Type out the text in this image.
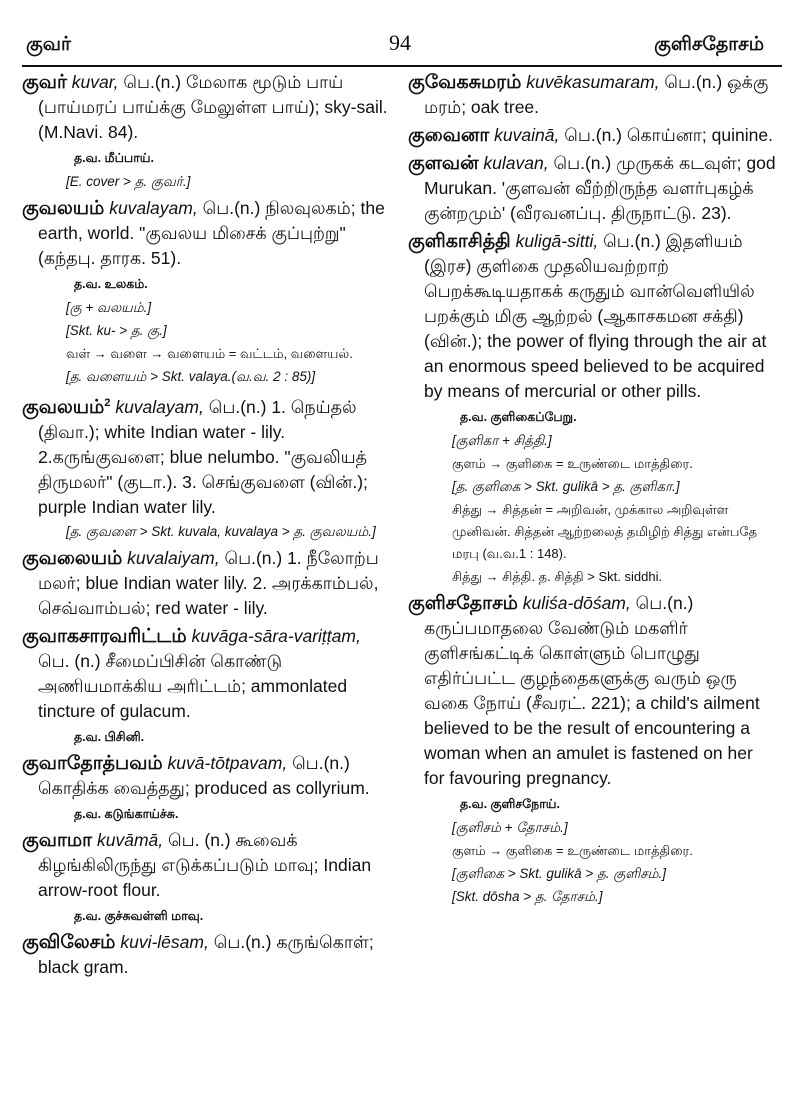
குவர்	94	குளிசதோசம்
குவர் kuvar, பெ.(n.) மேலாக மூடும் பாய் (பாய்மரப் பாய்க்கு மேலுள்ள பாய்); sky-sail. (M.Navi. 84).
த.வ. மீப்பாய்.
[E. cover > த. குவர்.]
குவலயம் kuvalayam, பெ.(n.) நிலவுலகம்; the earth, world. "குவலய மிசைக் குப்புற்று" (கந்தபு. தாரக. 51).
த.வ. உலகம்.
[கு + வலயம்.]
[Skt. ku- > த. கு.]
வள் → வளை → வளையம் = வட்டம், வளையல்.
[த. வளையம் > Skt. valaya.(வ.வ. 2 : 85)]
குவலயம்$^2$ kuvalayam, பெ.(n.) 1. நெய்தல் (திவா.); white Indian water - lily. 2.கருங்குவளை; blue nelumbo. "குவலியத் திருமலர்" (குடா.). 3. செங்குவளை (வின்.); purple Indian water lily.
[த. குவளை > Skt. kuvala, kuvalaya > த. குவலயம்.]
குவலையம் kuvalaiyam, பெ.(n.) 1. நீலோற்ப மலர்; blue Indian water lily. 2. அரக்காம்பல், செவ்வாம்பல்; red water - lily.
குவாகசாரவரிட்டம் kuvāga-sāra-variṭṭam, பெ. (n.) சீமைப்பிசின் கொண்டு அணியமாக்கிய அரிட்டம்; ammonlated tincture of gulacum.
த.வ. பிசினி.
குவாதோத்பவம் kuvā-tōtpavam, பெ.(n.) கொதிக்க வைத்தது; produced as collyrium.
த.வ. கடுங்காய்ச்சு.
குவாமா kuvāmā, பெ. (n.) கூவைக் கிழங்கிலிருந்து எடுக்கப்படும் மாவு; Indian arrow-root flour.
த.வ. குச்சுவள்ளி மாவு.
குவிலேசம் kuvi-lēsam, பெ.(n.) கருங்கொள்; black gram.
குவேகசுமரம் kuvēkasumaram, பெ.(n.) ஒக்கு மரம்; oak tree.
குவைனா kuvainā, பெ.(n.) கொய்னா; quinine.
குளவன் kulavan, பெ.(n.) முருகக் கடவுள்; god Murukan. 'குளவன் வீற்றிருந்த வளர்புகழ்க் குன்றமும்' (வீரவனப்பு. திருநாட்டு. 23).
குளிகாசித்தி kuligā-sitti, பெ.(n.) இதளியம் (இரச) குளிகை முதலியவற்றாற் பெறக்கூடியதாகக் கருதும் வான்வெளியில் பறக்கும் மிகு ஆற்றல் (ஆகாசகமன சக்தி) (வின்.); the power of flying through the air at an enormous speed believed to be acquired by means of mercurial or other pills.
த.வ. குளிகைப்பேறு.
[குளிகா + சித்தி.]
குளம் → குளிகை = உருண்டை மாத்திரை.
[த. குளிகை > Skt. gulikā > த. குளிகா.]
சித்து → சித்தன் = அறிவன், முக்கால அறிவுள்ள முனிவன். சித்தன் ஆற்றலைத் தமிழிற் சித்து என்பதே மரபு (வ.வ.1 : 148).
சித்து → சித்தி. த. சித்தி > Skt. siddhi.
குளிசதோசம் kuliśa-dōśam, பெ.(n.) கருப்பமாதலை வேண்டும் மகளிர் குளிசங்கட்டிக் கொள்ளும் பொழுது எதிர்ப்பட்ட குழந்தைகளுக்கு வரும் ஒரு வகை நோய் (சீவரட். 221); a child's ailment believed to be the result of encountering a woman when an amulet is fastened on her for favouring pregnancy.
த.வ. குளிசநோய்.
[குளிசம் + தோசம்.]
குளம் → குளிகை = உருண்டை மாத்திரை.
[குளிகை > Skt. gulikā > த. குளிசம்.]
[Skt. dōsha > த. தோசம்.]
